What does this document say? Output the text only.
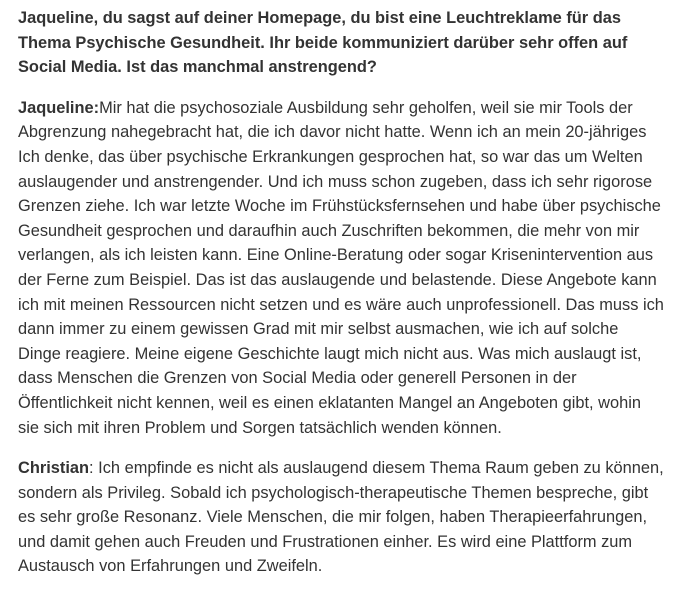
Jaqueline, du sagst auf deiner Homepage, du bist eine Leuchtreklame für das Thema Psychische Gesundheit. Ihr beide kommuniziert darüber sehr offen auf Social Media. Ist das manchmal anstrengend?

Jaqueline:Mir hat die psychosoziale Ausbildung sehr geholfen, weil sie mir Tools der Abgrenzung nahegebracht hat, die ich davor nicht hatte. Wenn ich an mein 20-jähriges Ich denke, das über psychische Erkrankungen gesprochen hat, so war das um Welten auslaugender und anstrengender. Und ich muss schon zugeben, dass ich sehr rigorose Grenzen ziehe. Ich war letzte Woche im Frühstücksfernsehen und habe über psychische Gesundheit gesprochen und daraufhin auch Zuschriften bekommen, die mehr von mir verlangen, als ich leisten kann. Eine Online-Beratung oder sogar Krisenintervention aus der Ferne zum Beispiel. Das ist das auslaugende und belastende. Diese Angebote kann ich mit meinen Ressourcen nicht setzen und es wäre auch unprofessionell. Das muss ich dann immer zu einem gewissen Grad mit mir selbst ausmachen, wie ich auf solche Dinge reagiere. Meine eigene Geschichte laugt mich nicht aus. Was mich auslaugt ist, dass Menschen die Grenzen von Social Media oder generell Personen in der Öffentlichkeit nicht kennen, weil es einen eklatanten Mangel an Angeboten gibt, wohin sie sich mit ihren Problem und Sorgen tatsächlich wenden können.

Christian: Ich empfinde es nicht als auslaugend diesem Thema Raum geben zu können, sondern als Privileg. Sobald ich psychologisch-therapeutische Themen bespreche, gibt es sehr große Resonanz. Viele Menschen, die mir folgen, haben Therapieerfahrungen, und damit gehen auch Freuden und Frustrationen einher. Es wird eine Plattform zum Austausch von Erfahrungen und Zweifeln.
